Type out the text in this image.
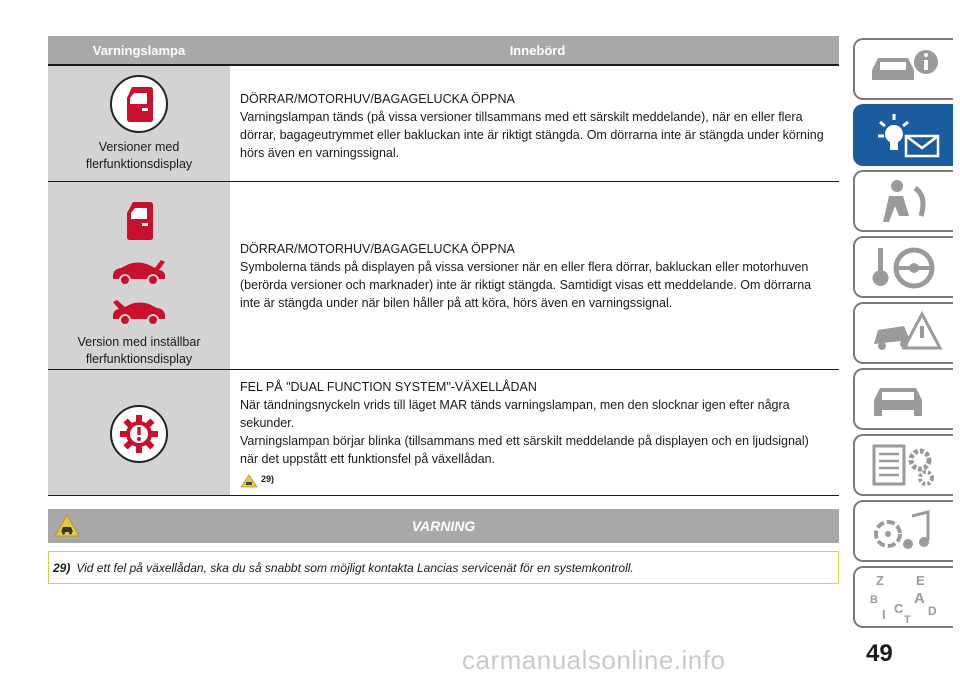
Varningslampa	Innebörd
Versioner med flerfunktionsdisplay

DÖRRAR/MOTORHUV/BAGAGELUCKA ÖPPNA

Varningslampan tänds (på vissa versioner tillsammans med ett särskilt meddelande), när en eller flera dörrar, bagageutrymmet eller bakluckan inte är riktigt stängda. Om dörrarna inte är stängda under körning hörs även en varningssignal.

Version med inställbar flerfunktionsdisplay

DÖRRAR/MOTORHUV/BAGAGELUCKA ÖPPNA

Symbolerna tänds på displayen på vissa versioner när en eller flera dörrar, bakluckan eller motorhuven (berörda versioner och marknader) inte är riktigt stängda. Samtidigt visas ett meddelande. Om dörrarna inte är stängda under när bilen håller på att köra, hörs även en varningssignal.

FEL PÅ "DUAL FUNCTION SYSTEM"-VÄXELLÅDAN

När tändningsnyckeln vrids till läget MAR tänds varningslampan, men den slocknar igen efter några sekunder.

Varningslampan börjar blinka (tillsammans med ett särskilt meddelande på displayen och en ljudsignal) när det uppstått ett funktionsfel på växellådan.

29)
VARNING
29) Vid ett fel på växellådan, ska du så snabbt som möjligt kontakta Lancias servicenät för en systemkontroll.
Z E
B A
I C
T
D
49
carmanualsonline.info
